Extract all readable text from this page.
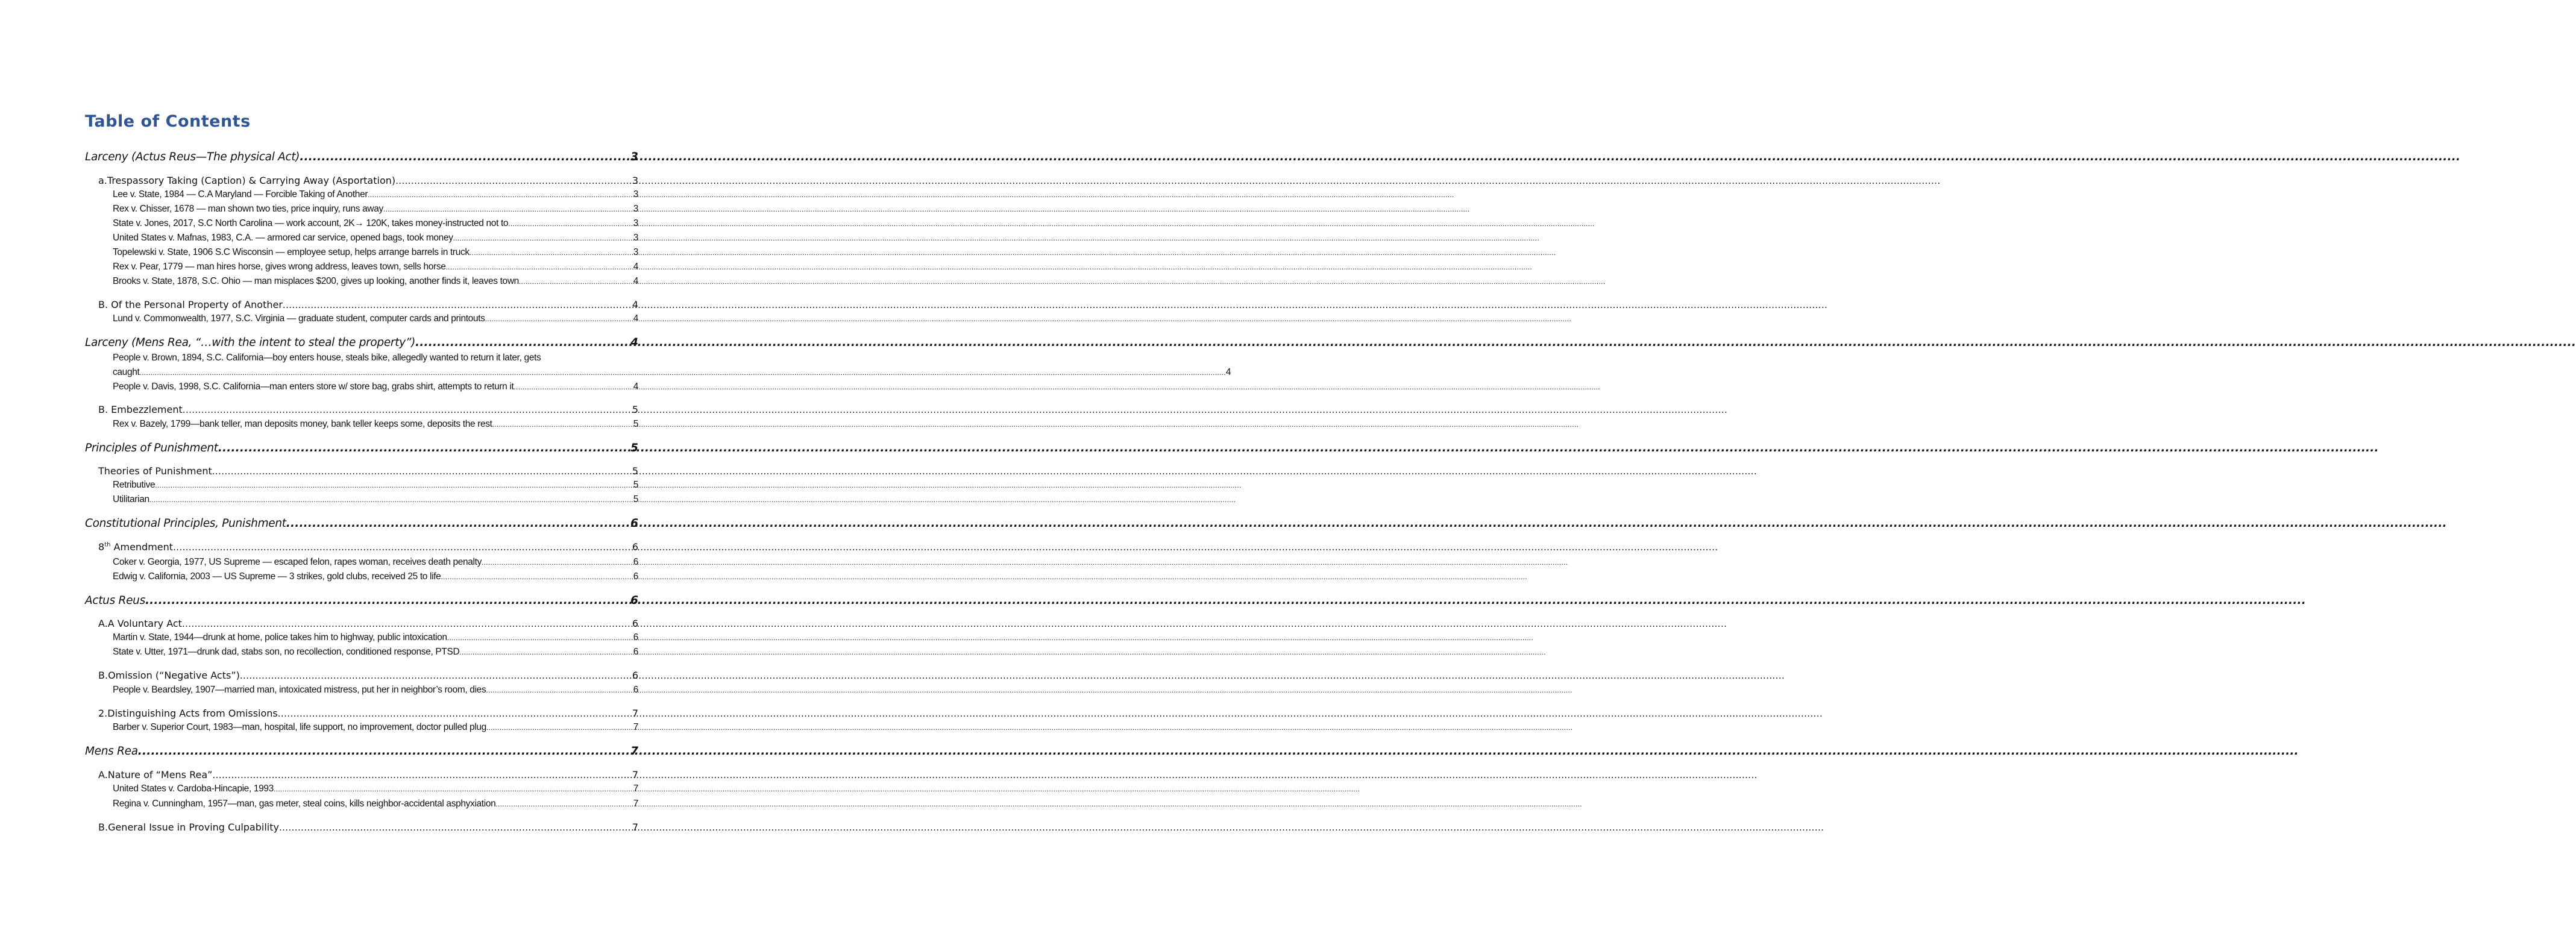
Table of Contents
Larceny (Actus Reus—The physical Act) .....	3
a. Trespassory Taking (Caption) & Carrying Away (Asportation) .....	3
Lee v. State, 1984 — C.A Maryland — Forcible Taking of Another .....	3
Rex v. Chisser, 1678 — man shown two ties, price inquiry, runs away .....	3
State v. Jones, 2017, S.C North Carolina — work account, 2K→ 120K, takes money-instructed not to .....	3
United States v. Mafnas, 1983, C.A. — armored car service, opened bags, took money .....	3
Topelewski v. State, 1906 S.C Wisconsin — employee setup, helps arrange barrels in truck .....	3
Rex v. Pear, 1779 — man hires horse, gives wrong address, leaves town, sells horse .....	4
Brooks v. State, 1878, S.C. Ohio — man misplaces $200, gives up looking, another finds it, leaves town .....	4
B. Of the Personal Property of Another .....	4
Lund v. Commonwealth, 1977, S.C. Virginia — graduate student, computer cards and printouts .....	4
Larceny (Mens Rea, “…with the intent to steal the property”) .....	4
People v. Brown, 1894, S.C. California—boy enters house, steals bike, allegedly wanted to return it later, gets
caught .....	4
People v. Davis, 1998, S.C. California—man enters store w/ store bag, grabs shirt, attempts to return it .....	4
B. Embezzlement .....	5
Rex v. Bazely, 1799—bank teller, man deposits money, bank teller keeps some, deposits the rest .....	5
Principles of Punishment .....	5
Theories of Punishment .....	5
Retributive .....	5
Utilitarian .....	5
Constitutional Principles, Punishment .....	6
8th Amendment .....	6
Coker v. Georgia, 1977, US Supreme — escaped felon, rapes woman, receives death penalty .....	6
Edwig v. California, 2003 — US Supreme — 3 strikes, gold clubs, received 25 to life .....	6
Actus Reus .....	6
A. A Voluntary Act .....	6
Martin v. State, 1944—drunk at home, police takes him to highway, public intoxication .....	6
State v. Utter, 1971—drunk dad, stabs son, no recollection, conditioned response, PTSD .....	6
B. Omission (“Negative Acts”) .....	6
People v. Beardsley, 1907—married man, intoxicated mistress, put her in neighbor’s room, dies .....	6
2. Distinguishing Acts from Omissions .....	7
Barber v. Superior Court, 1983—man, hospital, life support, no improvement, doctor pulled plug .....	7
Mens Rea .....	7
A. Nature of “Mens Rea” .....	7
United States v. Cardoba-Hincapie, 1993 .....	7
Regina v. Cunningham, 1957—man, gas meter, steal coins, kills neighbor-accidental asphyxiation .....	7
B. General Issue in Proving Culpability .....	7
